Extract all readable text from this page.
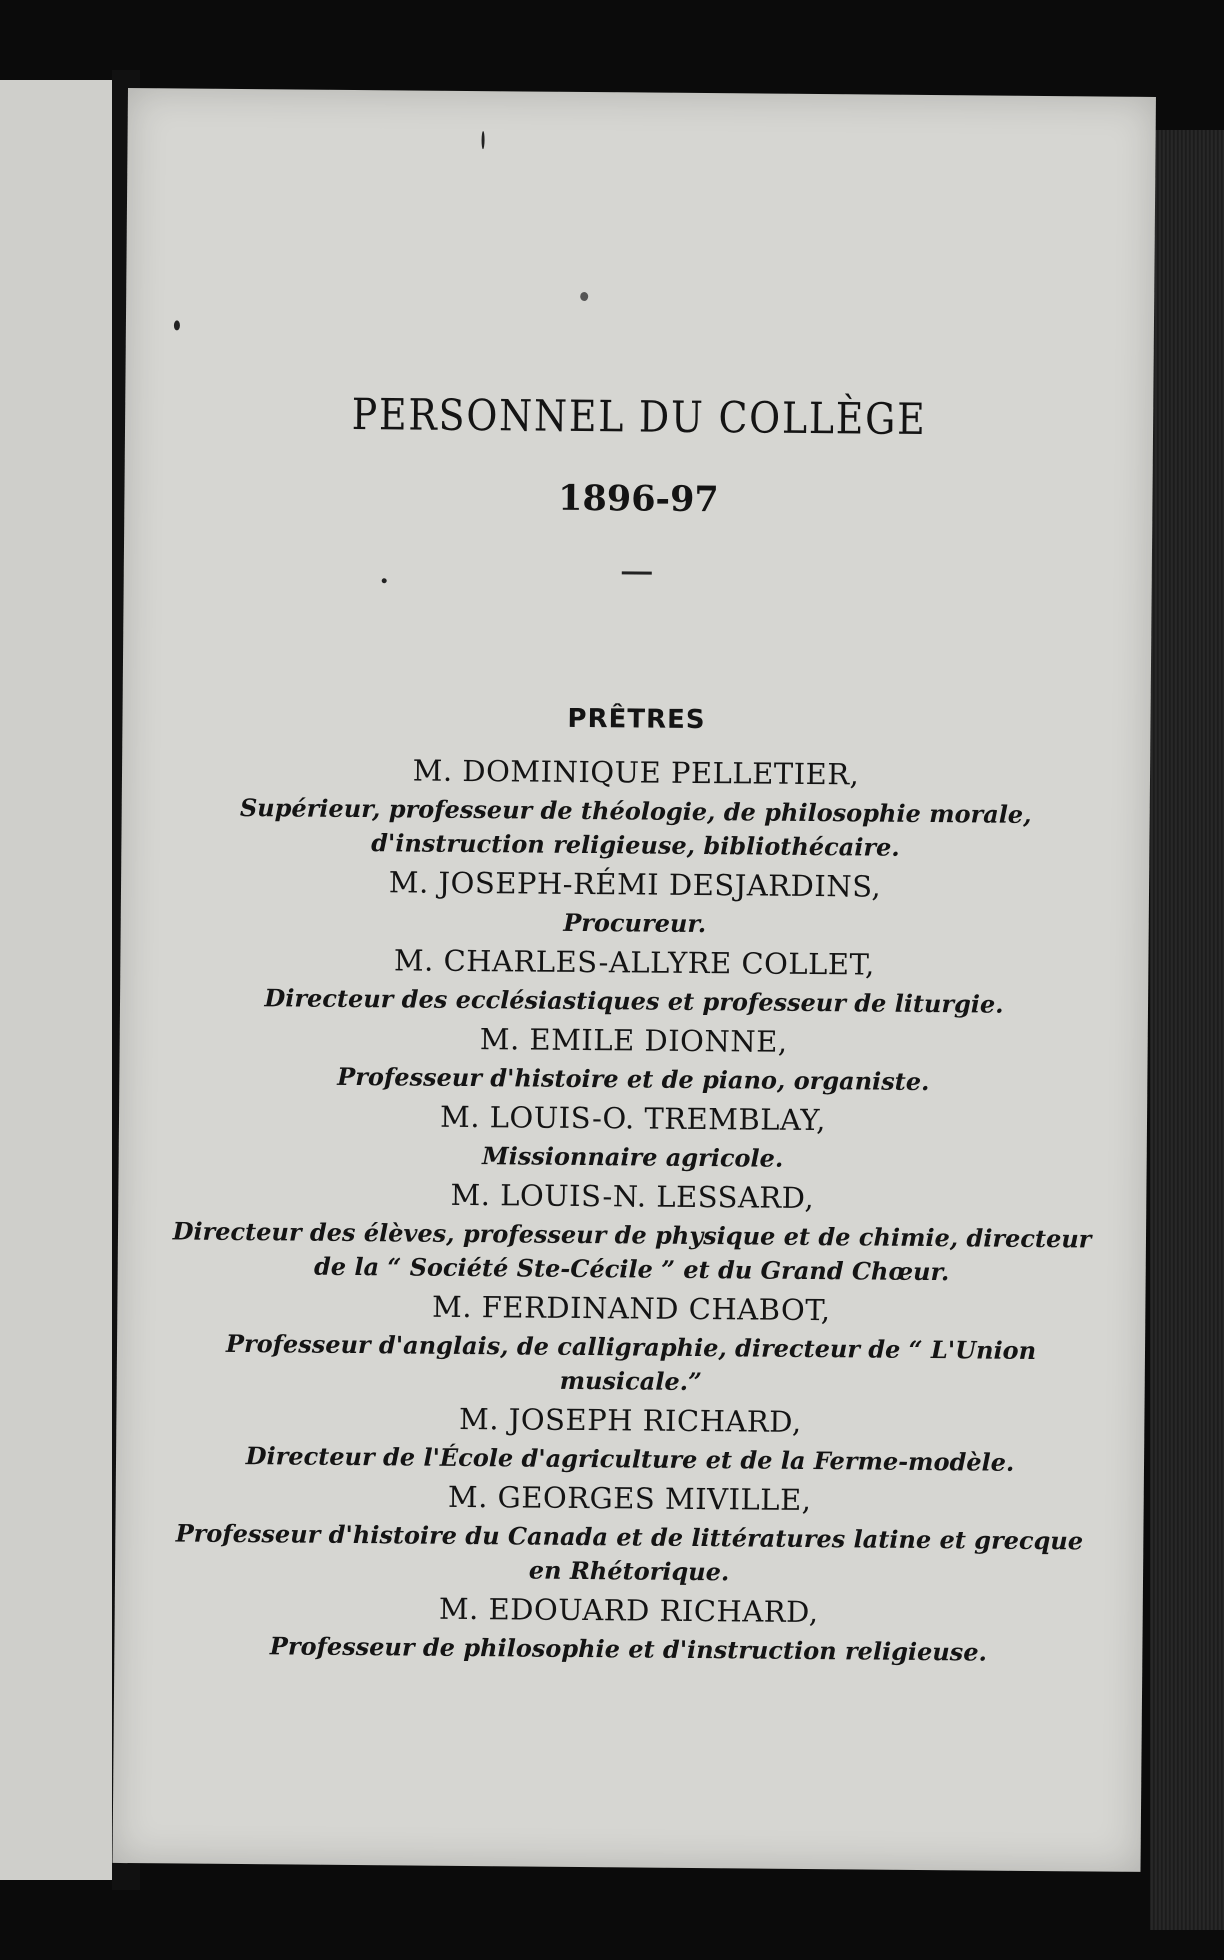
PERSONNEL DU COLLÈGE
1896-97
PRÊTRES
M. DOMINIQUE PELLETIER,
Supérieur, professeur de théologie, de philosophie morale, d'instruction religieuse, bibliothécaire.
M. JOSEPH-RÉMI DESJARDINS,
Procureur.
M. CHARLES-ALLYRE COLLET,
Directeur des ecclésiastiques et professeur de liturgie.
M. EMILE DIONNE,
Professeur d'histoire et de piano, organiste.
M. LOUIS-O. TREMBLAY,
Missionnaire agricole.
M. LOUIS-N. LESSARD,
Directeur des élèves, professeur de physique et de chimie, directeur de la “ Société Ste-Cécile ” et du Grand Chœur.
M. FERDINAND CHABOT,
Professeur d'anglais, de calligraphie, directeur de “ L'Union musicale.”
M. JOSEPH RICHARD,
Directeur de l'École d'agriculture et de la Ferme-modèle.
M. GEORGES MIVILLE,
Professeur d'histoire du Canada et de littératures latine et grecque en Rhétorique.
M. EDOUARD RICHARD,
Professeur de philosophie et d'instruction religieuse.
